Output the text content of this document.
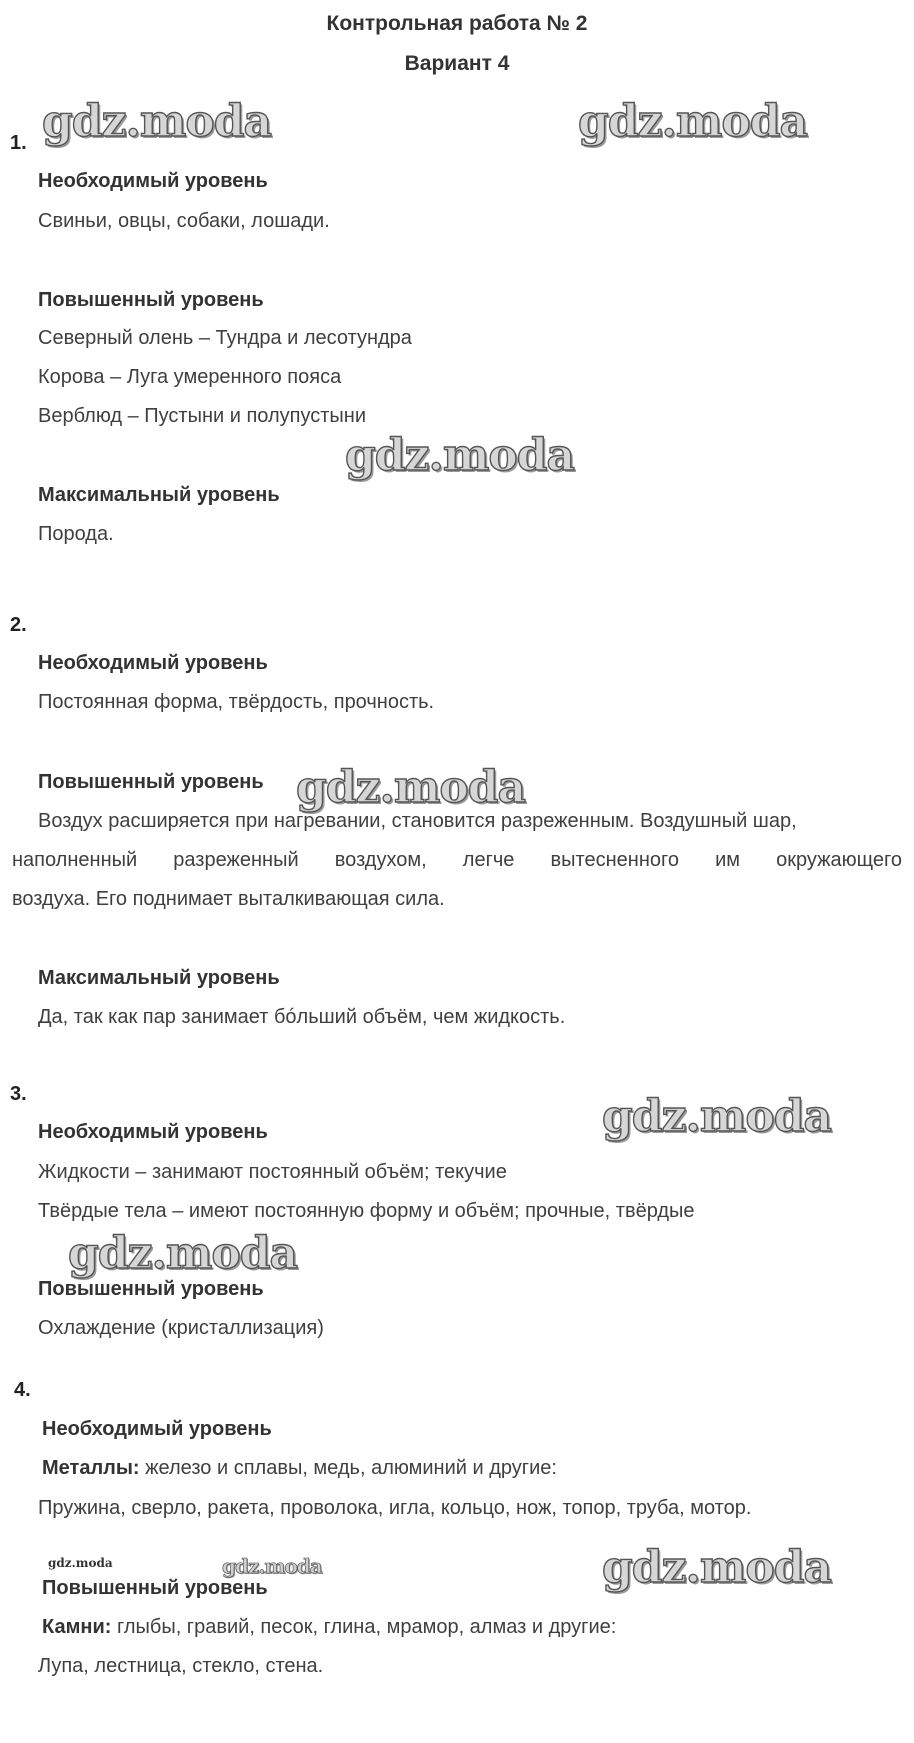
Контрольная работа № 2
Вариант 4
1.
Необходимый уровень
Свиньи, овцы, собаки, лошади.
Повышенный уровень
Северный олень – Тундра и лесотундра
Корова – Луга умеренного пояса
Верблюд – Пустыни и полупустыни
Максимальный уровень
Порода.
2.
Необходимый уровень
Постоянная форма, твёрдость, прочность.
Повышенный уровень
Воздух расширяется при нагревании, становится разреженным. Воздушный шар,
наполненный разреженный воздухом, легче вытесненного им окружающего
воздуха. Его поднимает выталкивающая сила.
Максимальный уровень
Да, так как пар занимает бóльший объём, чем жидкость.
3.
Необходимый уровень
Жидкости – занимают постоянный объём; текучие
Твёрдые тела – имеют постоянную форму и объём; прочные, твёрдые
Повышенный уровень
Охлаждение (кристаллизация)
4.
Необходимый уровень
Металлы: железо и сплавы, медь, алюминий и другие:
Пружина, сверло, ракета, проволока, игла, кольцо, нож, топор, труба, мотор.
Повышенный уровень
Камни: глыбы, гравий, песок, глина, мрамор, алмаз и другие:
Лупа, лестница, стекло, стена.
gdz.moda	gdz.moda
gdz.moda
gdz.moda
gdz.moda
gdz.moda
gdz.moda
gdz.moda	gdz.moda
